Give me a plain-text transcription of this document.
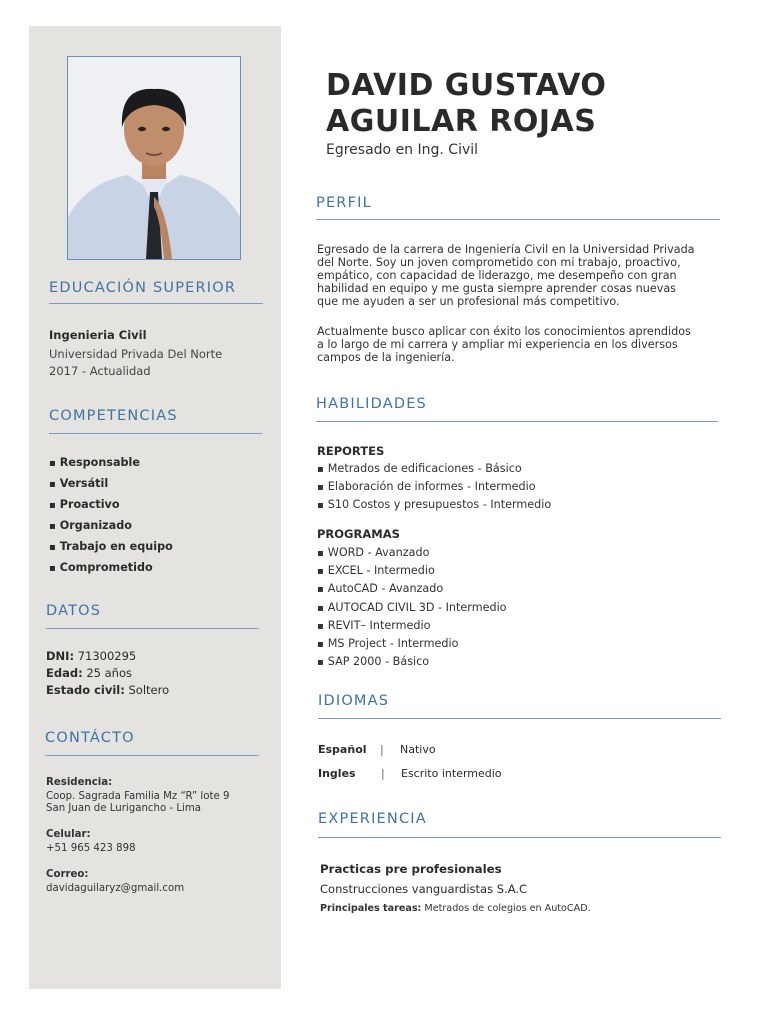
EDUCACIÓN SUPERIOR
Ingenieria Civil
Universidad Privada Del Norte
2017 - Actualidad
COMPETENCIAS
▪ Responsable
▪ Versátil
▪ Proactivo
▪ Organizado
▪ Trabajo en equipo
▪ Comprometido
DATOS
DNI: 71300295
Edad: 25 años
Estado civil: Soltero
CONTÁCTO
Residencia:
Coop. Sagrada Familia Mz “R” lote 9
San Juan de Lurigancho - Lima
Celular:
+51 965 423 898
Correo:
davidaguilaryz@gmail.com
DAVID GUSTAVO
AGUILAR ROJAS
Egresado en Ing. Civil
PERFIL
Egresado de la carrera de Ingeniería Civil en la Universidad Privada
del Norte. Soy un joven comprometido con mi trabajo, proactivo,
empático, con capacidad de liderazgo, me desempeño con gran
habilidad en equipo y me gusta siempre aprender cosas nuevas
que me ayuden a ser un profesional más competitivo.
Actualmente busco aplicar con éxito los conocimientos aprendidos
a lo largo de mi carrera y ampliar mi experiencia en los diversos
campos de la ingeniería.
HABILIDADES
REPORTES
▪ Metrados de edificaciones - Básico
▪ Elaboración de informes - Intermedio
▪ S10 Costos y presupuestos - Intermedio
PROGRAMAS
▪ WORD - Avanzado
▪ EXCEL - Intermedio
▪ AutoCAD - Avanzado
▪ AUTOCAD CIVIL 3D - Intermedio
▪ REVIT– Intermedio
▪ MS Project - Intermedio
▪ SAP 2000 - Básico
IDIOMAS
Español | Nativo
Ingles | Escrito intermedio
EXPERIENCIA
Practicas pre profesionales
Construcciones vanguardistas S.A.C
Principales tareas: Metrados de colegios en AutoCAD.
